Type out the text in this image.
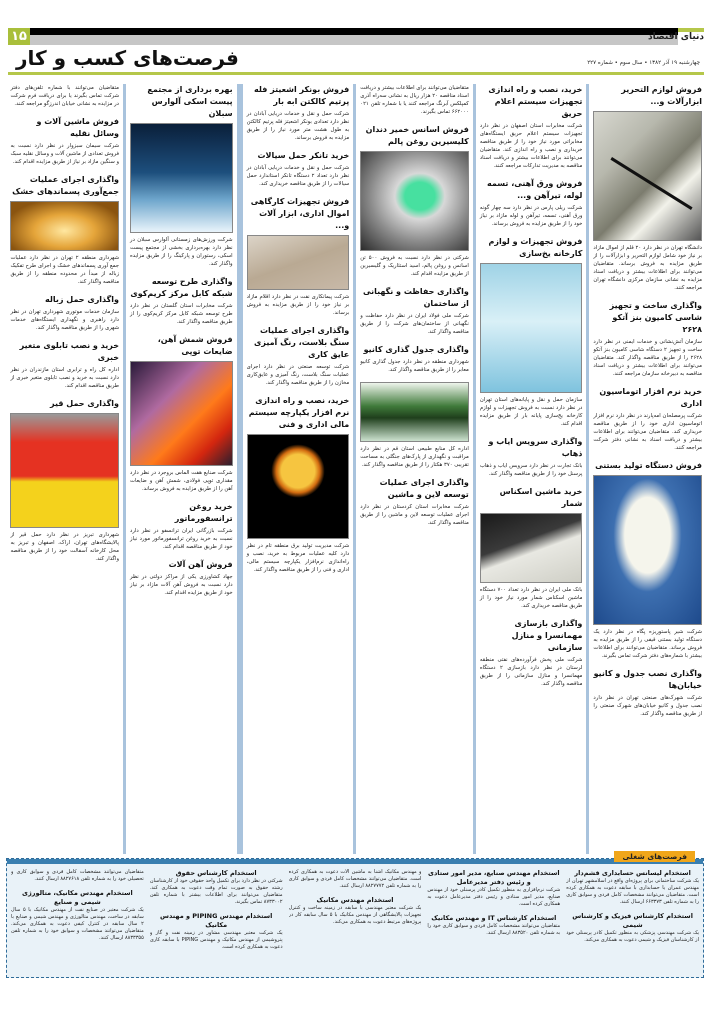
۱۵	دنیای اقتصاد
فرصت‌های کسب و کار	چهارشنبه ۱۹ آذر ۱۳۸۲ • سال سوم • شماره ۲۲۷
فروش لوازم التحریر ابزارآلات و...

دانشگاه تهران در نظر دارد ۲۰ قلم از اموال مازاد بر نیاز خود شامل لوازم التحریر و ابزارآلات را از طریق مزایده به فروش برساند. متقاضیان می‌توانند برای اطلاعات بیشتر و دریافت اسناد مزایده به نشانی سازمان مرکزی دانشگاه تهران مراجعه کنند.

واگذاری ساخت و تجهیز شاسی کامیون بنز آتکو ۲۶۲۸

سازمان آتش‌نشانی و خدمات ایمنی در نظر دارد ساخت و تجهیز ۲ دستگاه شاسی کامیون بنز آتکو ۲۶۲۸ را از طریق مناقصه واگذار کند. متقاضیان می‌توانند برای اطلاعات بیشتر و دریافت اسناد مناقصه به دبیرخانه سازمان مراجعه کنند.

خرید نرم افزار اتوماسیون اداری

شرکت پرمصلحان امه‌پارند در نظر دارد نرم افزار اتوماسیون اداری خود را از طریق مناقصه خریداری کند. متقاضیان می‌توانند برای اطلاعات بیشتر و دریافت اسناد به نشانی دفتر شرکت مراجعه کنند.

فروش دستگاه تولید بستنی

شرکت شیر پاستوریزه پگاه در نظر دارد یک دستگاه تولید بستنی قیفی را از طریق مزایده به فروش برساند. متقاضیان می‌توانند برای اطلاعات بیشتر با شماره‌های دفتر شرکت تماس بگیرند.

واگذاری نصب جدول و کانیو خیابان‌ها

شرکت شهرک‌های صنعتی تهران در نظر دارد نصب جدول و کانیو خیابان‌های شهرک صنعتی را از طریق مناقصه واگذار کند.

خرید، نصب و راه اندازی تجهیزات سیستم اعلام حریق

شرکت مخابرات استان اصفهان در نظر دارد تجهیزات سیستم اعلام حریق ایستگاه‌های مخابراتی مورد نیاز خود را از طریق مناقصه خریداری و نصب و راه اندازی کند. متقاضیان می‌توانند برای اطلاعات بیشتر و دریافت اسناد مناقصه به مدیریت تدارکات مراجعه کنند.

فروش ورق آهنی، تسمه لوله، تیرآهن و...

شرکت ریلی پارس در نظر دارد سه‌ چهار گونه ورق آهنی، تسمه، تیرآهن و لوله مازاد بر نیاز خود را از طریق مزایده به فروش برساند.

فروش تجهیزات و لوازم کارخانه یخ‌سازی

سازمان حمل و نقل و پایانه‌های استان تهران در نظر دارد نسبت به فروش تجهیزات و لوازم کارخانه یخ‌سازی پایانه بار از طریق مزایده اقدام کند.

واگذاری سرویس ایاب و ذهاب

بانک تجارت در نظر دارد سرویس ایاب و ذهاب پرسنل خود را از طریق مناقصه واگذار کند.

خرید ماشین اسکناس شمار

بانک ملی ایران در نظر دارد تعداد ۷۰۰ دستگاه ماشین اسکناس شمار مورد نیاز خود را از طریق مناقصه خریداری کند.

واگذاری بازسازی مهمانسرا و منازل سازمانی

شرکت ملی پخش فرآورده‌های نفتی منطقه لرستان در نظر دارد بازسازی ۲ دستگاه مهمانسرا و منازل سازمانی را از طریق مناقصه واگذار کند.

متقاضیان می‌توانند برای اطلاعات بیشتر و دریافت اسناد مناقصه ۲۰ هزار ریال به نشانی سه‌راه آذری کمپلکس آبرنگ مراجعه کنند یا با شماره تلفن ۰۲۱ ۶۶۲۰۰۰ تماس بگیرند.

فروش اسانس خمیر دندان کلیسیرین روغن پالم

شرکتی در نظر دارد نسبت به فروش ۵۰۰ تن اسانس و روغن پالم، اسید استئاریک و گلیسیرین از طریق مزایده اقدام کند.

واگذاری حفاظت و نگهبانی از ساختمان

شرکت ملی فولاد ایران در نظر دارد حفاظت و نگهبانی از ساختمان‌های شرکت را از طریق مناقصه واگذار کند.

واگذاری جدول گذاری کانیو

شهرداری منطقه در نظر دارد جدول گذاری کانیو معابر را از طریق مناقصه واگذار کند.

اداره کل منابع طبیعی استان قم در نظر دارد مراقبت و نگهداری از پارک‌های جنگلی به مساحت تقریبی ۳۷۰ هکتار را از طریق مناقصه واگذار کند.

واگذاری اجرای عملیات توسعه لاین و ماشین

شرکت مخابرات استان کردستان در نظر دارد اجرای عملیات توسعه لاین و ماشین را از طریق مناقصه واگذار کند.

فروش بونکر اشعیتز فله پرتیم کالکتن ابه بار

شرکت حمل و نقل و خدمات دریایی آبادان در نظر دارد تعدادی بونکر اشعیتز فله پرتیم کالکتن به طول هشت متر مورد نیاز را از طریق مزایده به فروش برساند.

خرید تانکر حمل سیالات

شرکت حمل و نقل و خدمات دریایی آبادان در نظر دارد تعداد ۲ دستگاه تانکر استاندارد حمل سیالات را از طریق مناقصه خریداری کند.

فروش تجهیزات کارگاهی اموال اداری، ابزار آلات و...

شرکت پیمانکاری نفت در نظر دارد اقلام مازاد بر نیاز خود را از طریق مزایده به فروش برساند.

واگذاری اجرای عملیات سنگ بلاست، رنگ آمیزی عایق کاری

شرکت توسعه صنعتی در نظر دارد اجرای عملیات سنگ بلاست، رنگ آمیزی و عایق‌کاری مخازن را از طریق مناقصه واگذار کند.

خرید، نصب و راه اندازی نرم افزار یکپارچه سیستم مالی اداری و فنی

شرکت مدیریت تولید برق منطقه تام در نظر دارد کلیه عملیات مربوط به خرید، نصب و راه‌اندازی نرم‌افزار یکپارچه سیستم مالی، اداری و فنی را از طریق مناقصه واگذار کند.

بهره برداری از مجتمع پیست اسکی آلوارس سبلان

شرکت ورزش‌های زمستانی آلوارس سبلان در نظر دارد بهره‌برداری بخشی از مجتمع پیست اسکی، رستوران و پارکینگ را از طریق مزایده واگذار کند.

واگذاری طرح توسعه شبکه کابل مرکز کریم‌کوی

شرکت مخابرات استان گلستان در نظر دارد طرح توسعه شبکه کابل مرکز کریم‌کوی را از طریق مناقصه واگذار کند.

فروش شمش آهن، ضایعات توپی

شرکت صنایع هفت الماس بروجرد در نظر دارد مقداری توپی فولادی، شمش آهن و ضایعات آهن را از طریق مزایده به فروش برساند.

خرید روغن ترانسفورماتور

شرکت بازرگانی ایران ترانسفو در نظر دارد نسبت به خرید روغن ترانسفورماتور مورد نیاز خود از طریق مناقصه اقدام کند.

فروش آهن آلات

جهاد کشاورزی یکی از مراکز دولتی در نظر دارد نسبت به فروش آهن آلات مازاد بر نیاز خود از طریق مزایده اقدام کند.

متقاضیان می‌توانند با شماره تلفن‌های دفتر شرکت تماس بگیرند یا برای دریافت فرم شرکت در مزایده به نشانی خیابان اندرزگو مراجعه کنند.

فروش ماشین آلات و وسائل نقلیه

شرکت سیمان سبزوار در نظر دارد نسبت به فروش تعدادی از ماشین آلات و وسائل نقلیه سبک و سنگین مازاد بر نیاز از طریق مزایده اقدام کند.

واگذاری اجرای عملیات جمع‌آوری پسماندهای خشک

شهرداری منطقه ۲ تهران در نظر دارد عملیات جمع آوری پسماندهای خشک و اجرای طرح تفکیک زباله از مبدأ در محدوده منطقه را از طریق مناقصه واگذار کند.

واگذاری حمل زباله

سازمان خدمات موتوری شهرداری تهران در نظر دارد راهبری و نگهداری ایستگاه‌های خدمات شهری را از طریق مناقصه واگذار کند.

خرید و نصب تابلوی متغیر خبری

اداره کل راه و ترابری استان مازندران در نظر دارد نسبت به خرید و نصب تابلوی متغیر خبری از طریق مناقصه اقدام کند.

واگذاری حمل قیر

شهرداری تبریز در نظر دارد حمل قیر از پالایشگاه‌های تهران، اراک، اصفهان و تبریز به محل کارخانه آسفالت خود را از طریق مناقصه واگذار کند.

فرصت‌های شغلی
استخدام لیسانس حسابداری قشم‌دار

یک شرکت ساختمانی برای پروژه‌ای واقع در اسلامشهر تهران از مهندس عمران یا حسابداری با سابقه دعوت به همکاری کرده است. متقاضیان می‌توانند مشخصات کامل فردی و سوابق کاری را به شماره تلفن ۶۶۳۳۷۳ ارسال کنند.

استخدام کارشناس فیزیک و کارشناس شیمی

یک شرکت مهندسی پزشکی به منظور تکمیل کادر پرسنلی خود از کارشناسان فیزیک و شیمی دعوت به همکاری می‌کند.

استخدام مهندس صنایع، مدیر امور ستادی و رئیس دفتر مدیرعامل

شرکت نرم‌افزاری به منظور تکمیل کادر پرسنلی خود از مهندس صنایع، مدیر امور ستادی و رئیس دفتر مدیرعامل دعوت به همکاری کرده است.

استخدام کارشناس IT و مهندس مکانیک

متقاضیان می‌توانند مشخصات کامل فردی و سوابق کاری خود را به شماره تلفن ۸۸۳۵۲۰ ارسال کنند.

و مهندس مکانیک آشنا به ماشین آلات دعوت به همکاری کرده است. متقاضیان می‌توانند مشخصات کامل فردی و سوابق کاری را به شماره تلفن ۸۸۲۷۷۷۲ ارسال کنند.

استخدام مهندس مکانیک

یک شرکت معتبر مهندسی با سابقه در زمینه ساخت و کنترل تجهیزات پالایشگاهی از مهندس مکانیک با ۵ سال سابقه کار در پروژه‌های مرتبط دعوت به همکاری می‌کند.

استخدام کارشناس حقوق

شرکتی در نظر دارد برای تکمیل واحد حقوقی خود از کارشناسان رشته حقوق به صورت تمام وقت دعوت به همکاری کند. متقاضیان می‌توانند برای اطلاعات بیشتر با شماره تلفن ۸۷۳۳۰۰۲ تماس بگیرند.

استخدام مهندس PIPING و مهندس مکانیک

یک شرکت معتبر مهندسی مشاور در زمینه نفت و گاز و پتروشیمی از مهندس مکانیک و مهندس PIPING با سابقه کاری دعوت به همکاری کرده است.

متقاضیان می‌توانند مشخصات کامل فردی و سوابق کاری و تحصیلی خود را به شماره تلفن ۸۸۲۷۶۱۸ ارسال کنند.

استخدام مهندس مکانیک، متالورژی شیمی و صنایع

یک شرکت معتبر در صنایع نفت از مهندس مکانیک با ۵ سال سابقه در ساخت، مهندس متالورژی و مهندس شیمی و صنایع با ۲ سال سابقه در کنترل کیفی دعوت به همکاری می‌کند. متقاضیان می‌توانند مشخصات و سوابق خود را به شماره تلفن ۸۸۳۳۳۵۵ ارسال کنند.
